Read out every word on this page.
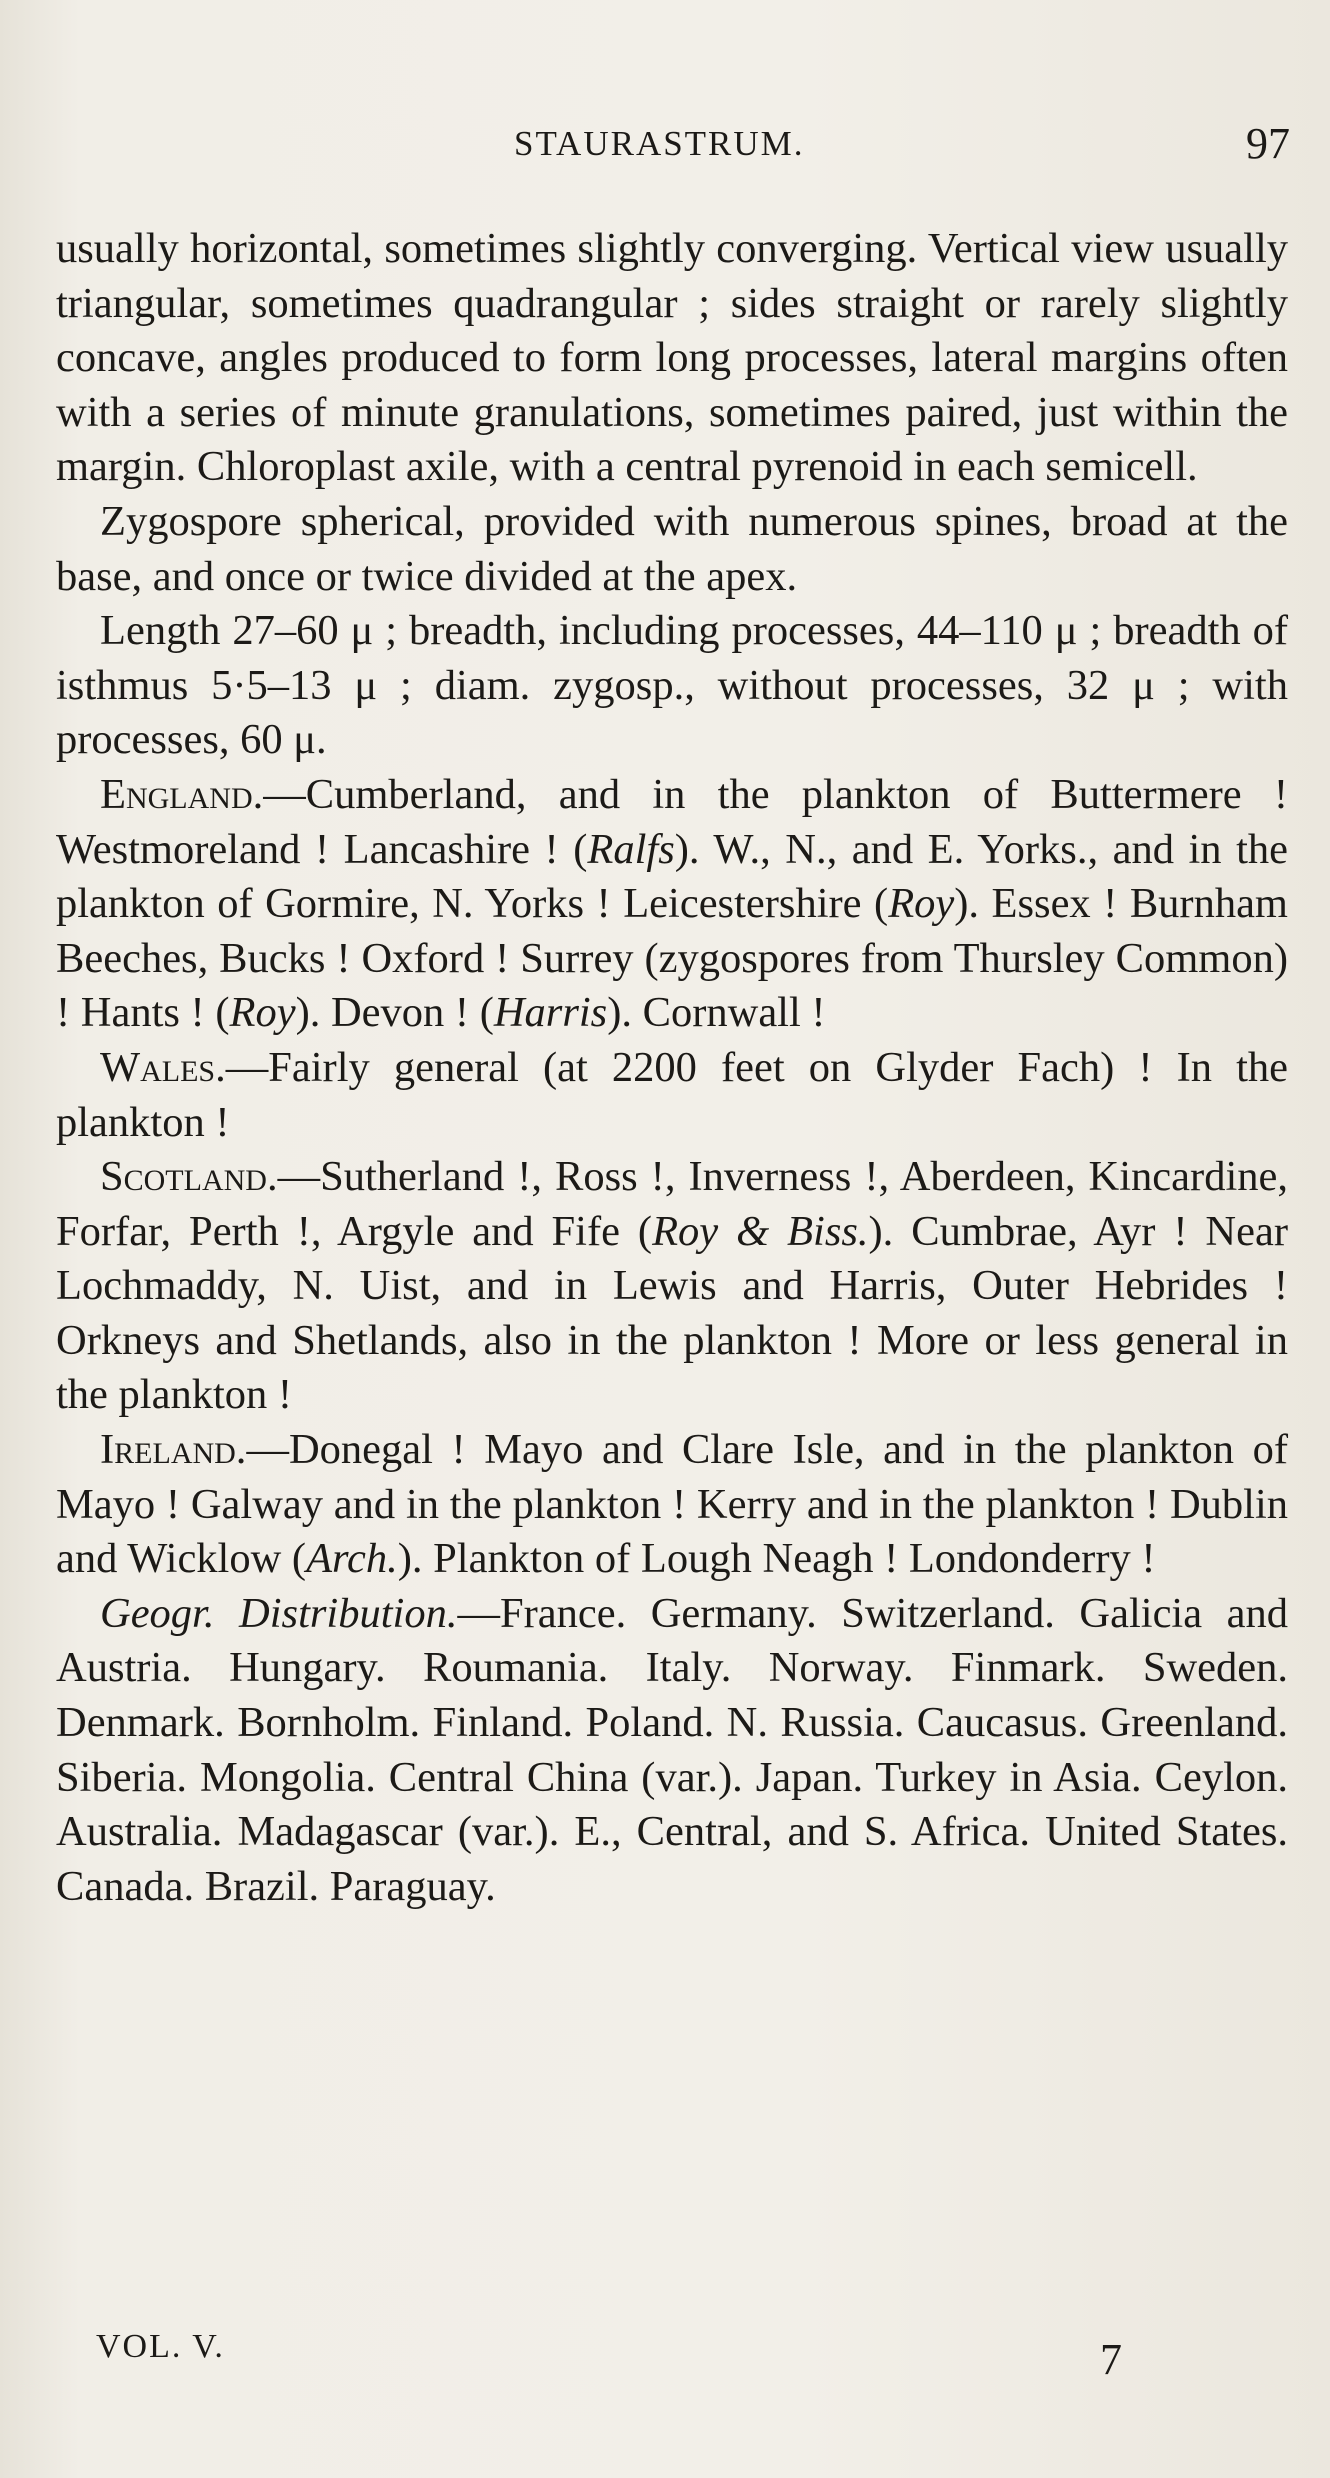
STAURASTRUM.	97

usually horizontal, sometimes slightly converging. Vertical view usually triangular, sometimes quadrangular ; sides straight or rarely slightly concave, angles produced to form long processes, lateral margins often with a series of minute granulations, sometimes paired, just within the margin. Chloroplast axile, with a central pyrenoid in each semicell.

Zygospore spherical, provided with numerous spines, broad at the base, and once or twice divided at the apex.

Length 27–60 μ ; breadth, including processes, 44–110 μ ; breadth of isthmus 5·5–13 μ ; diam. zygosp., without processes, 32 μ ; with processes, 60 μ.

England.—Cumberland, and in the plankton of Buttermere ! Westmoreland ! Lancashire ! (Ralfs). W., N., and E. Yorks., and in the plankton of Gormire, N. Yorks ! Leicestershire (Roy). Essex ! Burnham Beeches, Bucks ! Oxford ! Surrey (zygospores from Thursley Common) ! Hants ! (Roy). Devon ! (Harris). Cornwall !

Wales.—Fairly general (at 2200 feet on Glyder Fach) ! In the plankton !

Scotland.—Sutherland !, Ross !, Inverness !, Aberdeen, Kincardine, Forfar, Perth !, Argyle and Fife (Roy & Biss.). Cumbrae, Ayr ! Near Lochmaddy, N. Uist, and in Lewis and Harris, Outer Hebrides ! Orkneys and Shetlands, also in the plankton ! More or less general in the plankton !

Ireland.—Donegal ! Mayo and Clare Isle, and in the plankton of Mayo ! Galway and in the plankton ! Kerry and in the plankton ! Dublin and Wicklow (Arch.). Plankton of Lough Neagh ! Londonderry !

Geogr. Distribution.—France. Germany. Switzerland. Galicia and Austria. Hungary. Roumania. Italy. Norway. Finmark. Sweden. Denmark. Bornholm. Finland. Poland. N. Russia. Caucasus. Greenland. Siberia. Mongolia. Central China (var.). Japan. Turkey in Asia. Ceylon. Australia. Madagascar (var.). E., Central, and S. Africa. United States. Canada. Brazil. Paraguay.

VOL. V.	7
